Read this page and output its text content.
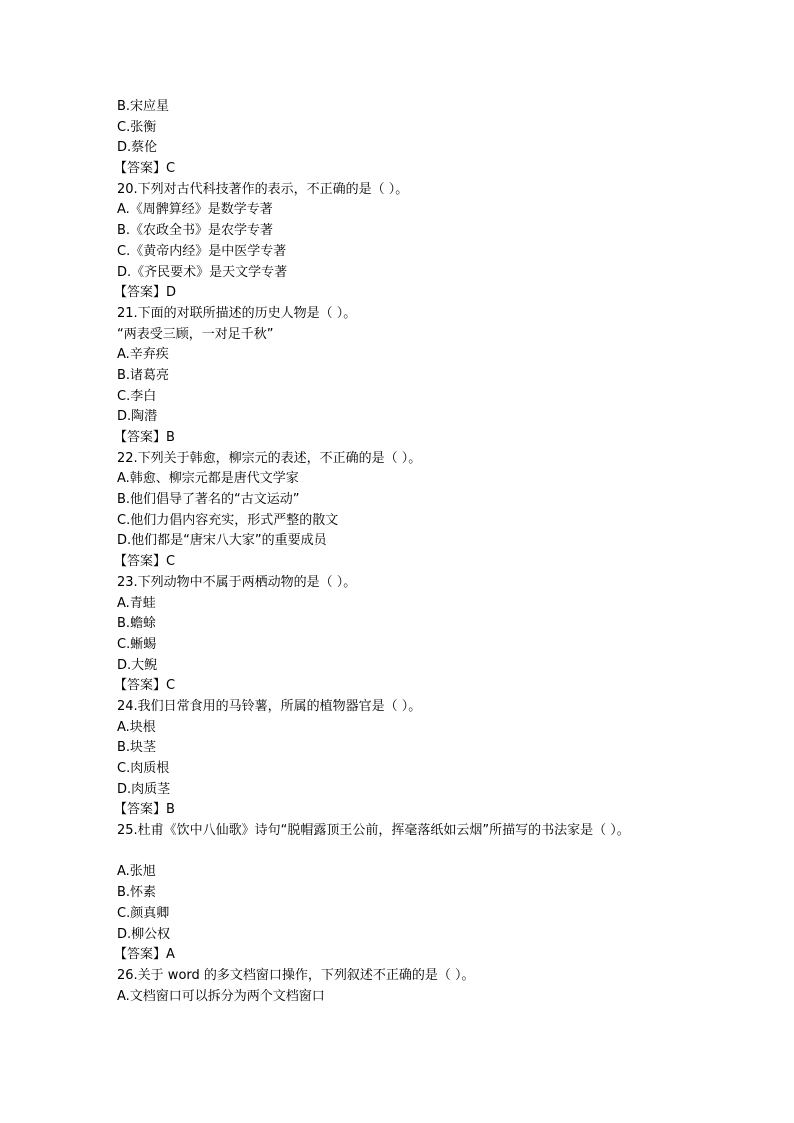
B.宋应星
C.张衡
D.蔡伦
【答案】C
20.下列对古代科技著作的表示，不正确的是（ ）。
A.《周髀算经》是数学专著
B.《农政全书》是农学专著
C.《黄帝内经》是中医学专著
D.《齐民要术》是天文学专著
【答案】D
21.下面的对联所描述的历史人物是（ ）。
“两表受三顾，一对足千秋”
A.辛弃疾
B.诸葛亮
C.李白
D.陶潜
【答案】B
22.下列关于韩愈，柳宗元的表述，不正确的是（ ）。
A.韩愈、柳宗元都是唐代文学家
B.他们倡导了著名的“古文运动”
C.他们力倡内容充实，形式严整的散文
D.他们都是“唐宋八大家”的重要成员
【答案】C
23.下列动物中不属于两栖动物的是（ ）。
A.青蛙
B.蟾蜍
C.蜥蜴
D.大鲵
【答案】C
24.我们日常食用的马铃薯，所属的植物器官是（ ）。
A.块根
B.块茎
C.肉质根
D.肉质茎
【答案】B
25.杜甫《饮中八仙歌》诗句“脱帽露顶王公前，挥毫落纸如云烟”所描写的书法家是（ ）。
A.张旭
B.怀素
C.颜真卿
D.柳公权
【答案】A
26.关于 word 的多文档窗口操作，下列叙述不正确的是（ ）。
A.文档窗口可以拆分为两个文档窗口
